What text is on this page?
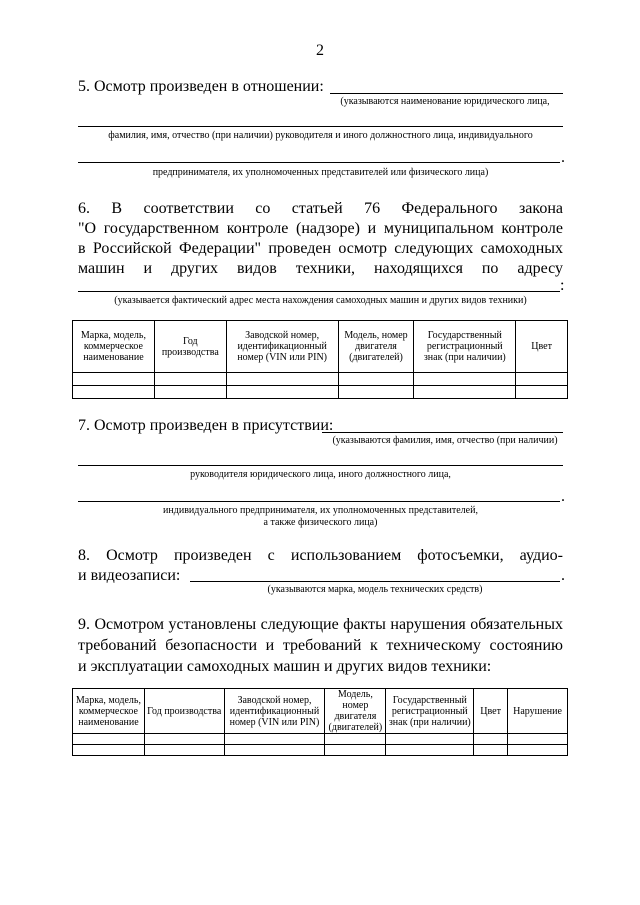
2
5. Осмотр произведен в отношении:
(указываются наименование юридического лица,
фамилия, имя, отчество (при наличии) руководителя и иного должностного лица, индивидуального
.
предпринимателя, их уполномоченных представителей или физического лица)
6. В соответствии со статьей 76 Федерального закона
"О государственном контроле (надзоре) и муниципальном контроле
в Российской Федерации" проведен осмотр следующих самоходных
машин и других видов техники, находящихся по адресу
:
(указывается фактический адрес места нахождения самоходных машин и других видов техники)
Марка, модель, коммерческое наименование	Год производства	Заводской номер, идентификационный номер (VIN или PIN)	Модель, номер двигателя (двигателей)	Государственный регистрационный знак (при наличии)	Цвет

7. Осмотр произведен в присутствии:
(указываются фамилия, имя, отчество (при наличии)
руководителя юридического лица, иного должностного лица,
.
индивидуального предпринимателя, их уполномоченных представителей,
а также физического лица)
8. Осмотр произведен с использованием фотосъемки, аудио-
и видеозаписи:	.
(указываются марка, модель технических средств)
9. Осмотром установлены следующие факты нарушения обязательных
требований безопасности и требований к техническому состоянию
и эксплуатации самоходных машин и других видов техники:
Марка, модель, коммерческое наименование	Год производства	Заводской номер, идентификационный номер (VIN или PIN)	Модель, номер двигателя (двигателей)	Государственный регистрационный знак (при наличии)	Цвет	Нарушение
